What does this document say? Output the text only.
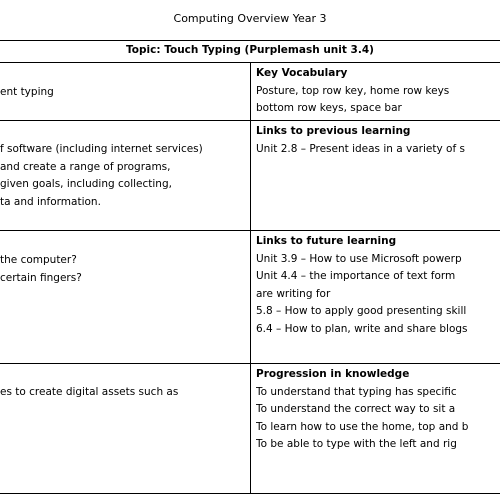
Computing Overview Year 3
Topic: Touch Typing (Purplemash unit 3.4)

ent typing

Key Vocabulary

Posture, top row key, home row keys

bottom row keys, space bar

f software (including internet services)

and create a range of programs,

given goals, including collecting,

ta and information.

Links to previous learning

Unit 2.8 – Present ideas in a variety of s

the computer?

certain fingers?

Links to future learning

Unit 3.9 – How to use Microsoft powerp

Unit 4.4 – the importance of text form

are writing for

5.8 – How to apply good presenting skill

6.4 – How to plan, write and share blogs

es to create digital assets such as

Progression in knowledge

To understand that typing has specific

To understand the correct way to sit a

To learn how to use the home, top and b

To be able to type with the left and rig
